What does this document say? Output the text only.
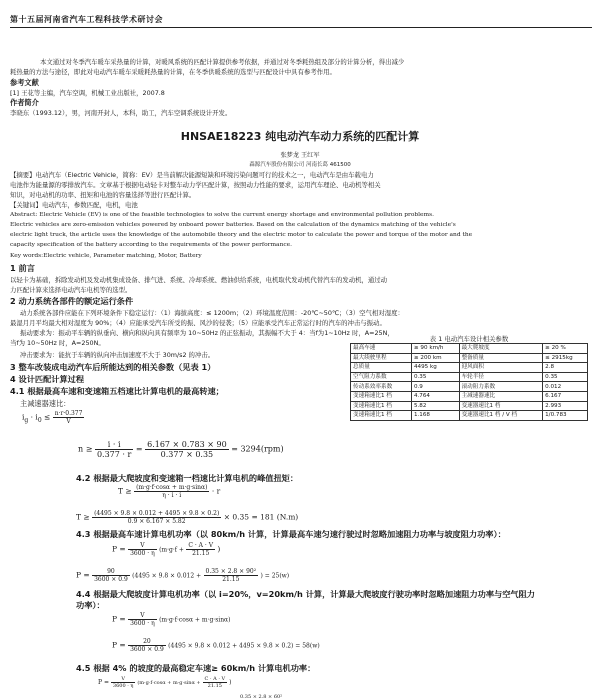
第十五届河南省汽车工程科技学术研讨会
本文通过对冬季汽车暖车采热量的计算，对暖风系统的匹配计算提供参考依据，并通过对冬季耗热组及部分的计算分析，得出减少
耗热量的方法与途径，即此对电动汽车暖车采暖耗热量的计算，在冬季供暖系统的选型与匹配设计中具有参考作用。
参考文献
[1] 王花等主编，汽车空调，机械工业出版社，2007.8
作者简介
李晓东（1993.12），男，河南开封人，本科，助工，汽车空调系统设计开发。
HNSAE18223 纯电动汽车动力系统的匹配计算
张梦龙 王红军
森源汽车股份有限公司 河南长葛 461500
【摘要】电动汽车（Electric Vehicle，简称：EV）是当前解决能源短缺和环境污染问题可行的技术之一，电动汽车是由车载电力
电池作为能量源的零排放汽车。文章基于根据电动轻卡对整车动力学匹配计算，按照动力性能的要求，运用汽车理论、电动机等相关
知识，对电动机的功率、扭矩和电池的容量选择等进行匹配计算。
【关键词】电动汽车，参数匹配，电机，电池
Abstract: Electric Vehicle (EV) is one of the feasible technologies to solve the current energy shortage and environmental pollution problems.
Electric vehicles are zero-emission vehicles powered by onboard power batteries. Based on the calculation of the dynamics matching of the vehicle's
electric light truck, the article uses the knowledge of the automobile theory and the electric motor to calculate the power and torque of the motor and the
capacity specification of the battery according to the requirements of the power performance.
Key words:Electric vehicle, Parameter matching, Motor, Battery
1 前言
以轻卡为基础，拆除发动机及发动机集成设备、排气进、系统、冷却系统、燃油供给系统，电机取代发动机代替汽车的发动机，通过动
力匹配计算来选择电动汽车电机等的选型。
2 动力系统各部件的额定运行条件
动力系统各部件应能在下列环境条件下稳定运行：（1）海拔高度：≤ 1200m；（2）环境温度范围：-20℃~50℃；（3）空气相对湿度：
最湿月月平均最大相对湿度为 90%；（4）应能承受汽车所受的振、风沙的侵袭；（5）应能承受汽车正常运行时的汽车的冲击与振动。
振动要求为：振动平车辆的纵垂向、横向和纵向具有频率为 10~50Hz 的正弦振动，其振幅不大于 4：当f为1~10Hz 时，A=25N，
当f为 10~50Hz 时，A=250N。
冲击要求为：能抗于车辆的纵向冲击加速度不大于 30m/s2 的冲击。
3 整车改装成电动汽车后所能达到的相关参数（见表 1）
4 设计匹配计算过程
4.1 根据最高车速和变速箱五档速比计算电机的最高转速；
主减速器速比：
$i_g \cdot i_0 \le \frac{n\cdot r\cdot 0.377}{V}$
$n \ge \frac{i \cdot i}{0.377 \cdot r} = \frac{6.167 \times 0.783 \times 90}{0.377 \times 0.35} = 3294(rpm)$
4.2 根据最大爬坡度和变速箱一档速比计算电机的峰值扭矩：
$T \ge \frac{(m\cdot g\cdot f\cdot\cos\alpha + m\cdot g\cdot\sin\alpha)}{\eta \cdot i \cdot i} \cdot r$
$T \ge \frac{(4495 \times 9.8 \times 0.012 + 4495 \times 9.8 \times 0.2)}{0.9 \times 6.167 \times 5.82} \times 0.35 = 181$ (N.m)
4.3 根据最高车速计算电机功率（以 80km/h 计算，计算最高车速匀速行驶过时忽略加速阻力功率与坡度阻力功率）：
$P = \frac{V}{3600 \cdot \eta} (m\cdot g\cdot f + \frac{C \cdot A \cdot V}{21.15}$ )
$P = \frac{90}{3600 \times 0.9} (4495 \times 9.8 \times 0.012 + \frac{\text{0.35 × 2.8 × 90²}}{21.15}$ ) = 25(w)
4.4 根据最大爬坡度计算电机功率（以 i=20%，v=20km/h 计算，计算最大爬坡度行驶功率时忽略加速阻力功率与空气阻力
功率）：
$P = \frac{V}{3600 \cdot \eta} (m\cdot g\cdot f\cdot\cos\alpha + m\cdot g\cdot\sin\alpha)$
$P = \frac{20}{3600 \times 0.9} (4495 \times 9.8 \times 0.012 + 4495 \times 9.8 \times 0.2) = 58(w)$
4.5 根据 4% 的坡度的最高稳定车速≥ 60km/h 计算电机功率：
$P = \frac{V}{3600 \cdot \eta} (m\cdot g\cdot f\cdot\cos\alpha + m\cdot g\cdot\sin\alpha + \frac{C \cdot A \cdot V}{21.15}$ )
0.35 × 2.8 × 60²
表 1 电动汽车设计相关参数
最高车速	≥ 90 km/h	最大爬坡度	≥ 20 %
最大续驶里程	≥ 200 km	整备质量	≤ 2915kg
总质量	4495 kg	迎风面积	2.8
空气阻力系数	0.35	车轮半径	0.35
传动系效率系数	0.9	滚动阻力系数	0.012
变速箱速比1 档	4.764	主减速器速比	6.167
变速箱速比1 档	5.82	变速器速比1 档	2.993
变速箱速比1 档	1.168	变速器速比1 档 / V 档	1/0.783
